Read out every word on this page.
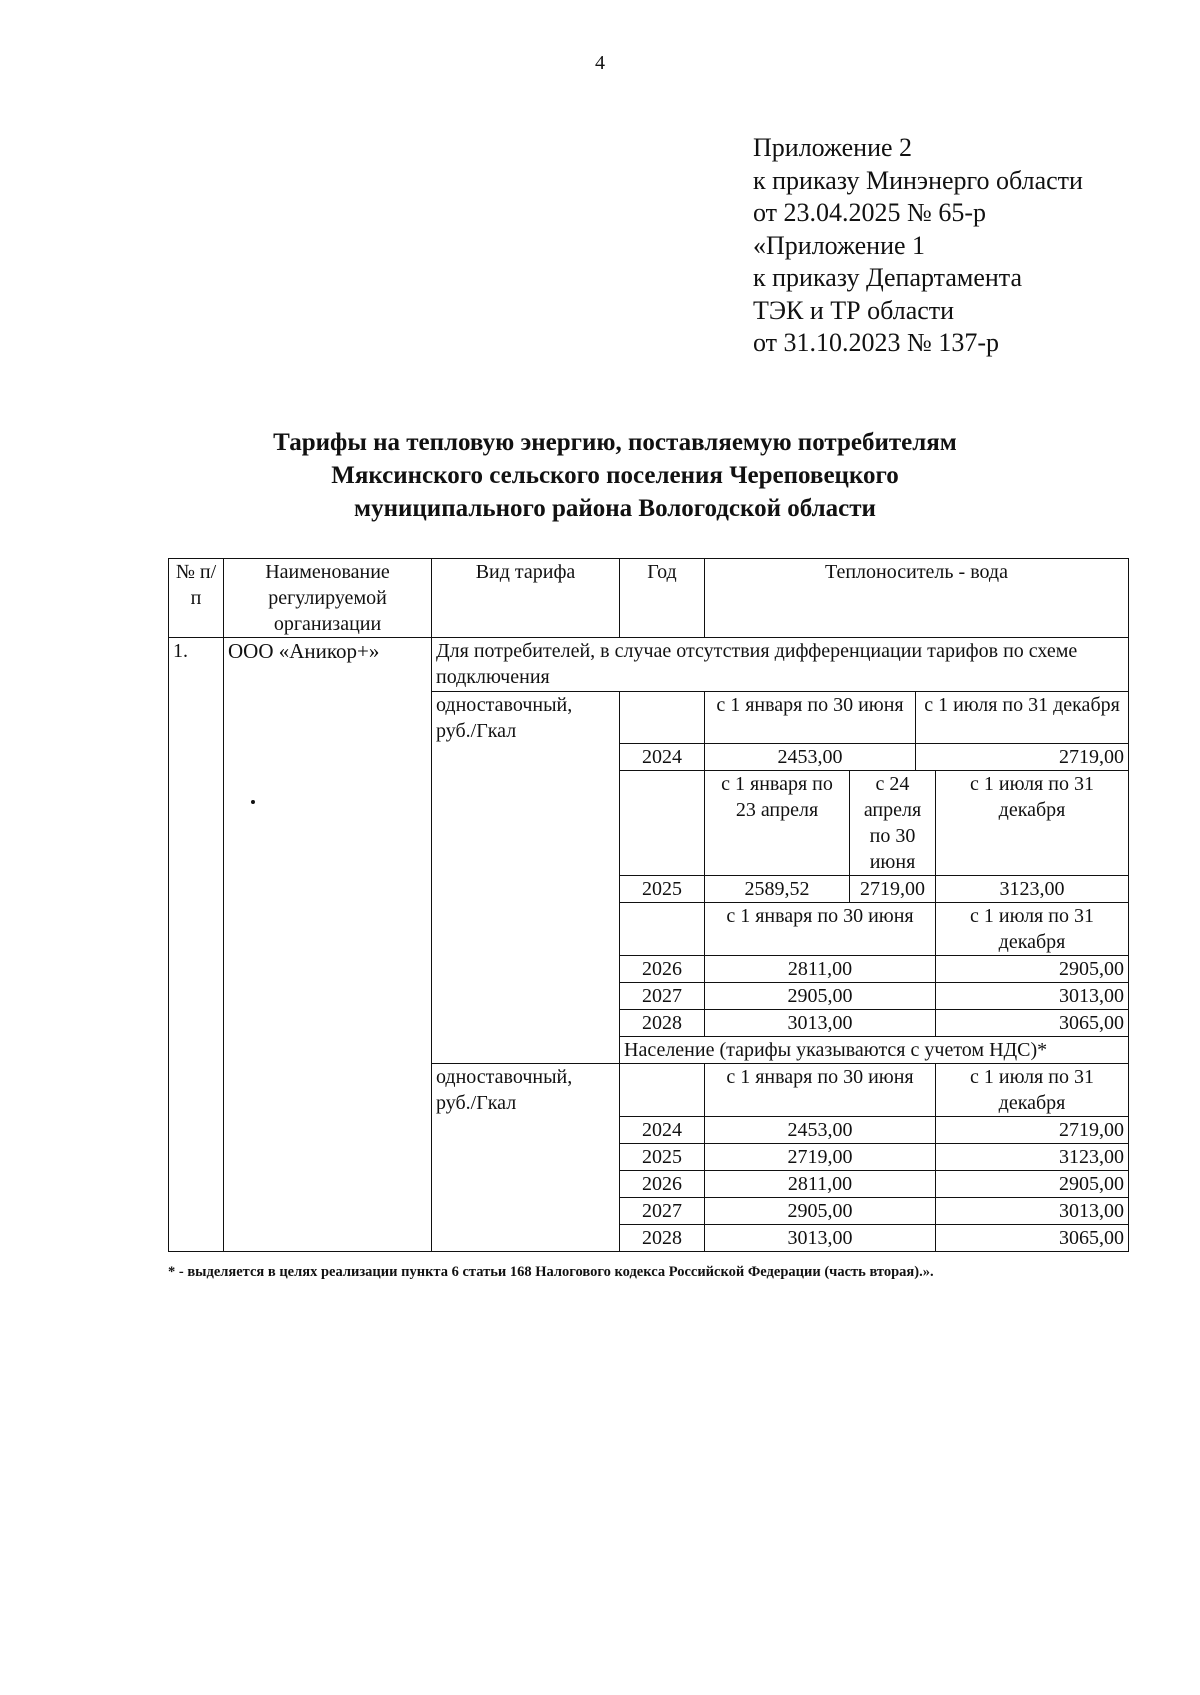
4
Приложение 2
к приказу Минэнерго области
от 23.04.2025 № 65-р
«Приложение 1
к приказу Департамента
ТЭК и ТР области
от 31.10.2023 № 137-р
Тарифы на тепловую энергию, поставляемую потребителям
Мяксинского сельского поселения Череповецкого
муниципального района Вологодской области
№ п/п	Наименование регулируемой организации	Вид тарифа	Год	Теплоноситель - вода			
1.	ООО «Аникор+»	Для потребителей, в случае отсутствия дифференциации тарифов по схеме подключения					
		одноставочный, руб./Гкал		с 1 января по 30 июня		с 1 июля по 31 декабря	
			2024	2453,00		2719,00	
				с 1 января по 23 апреля	с 24 апреля по 30 июня		с 1 июля по 31 декабря
			2025	2589,52	2719,00		3123,00
				с 1 января по 30 июня			с 1 июля по 31 декабря
			2026	2811,00			2905,00
			2027	2905,00			3013,00
			2028	3013,00			3065,00
			Население (тарифы указываются с учетом НДС)*				
		одноставочный, руб./Гкал		с 1 января по 30 июня			с 1 июля по 31 декабря
			2024	2453,00			2719,00
			2025	2719,00			3123,00
			2026	2811,00			2905,00
			2027	2905,00			3013,00
			2028	3013,00			3065,00
* - выделяется в целях реализации пункта 6 статьи 168 Налогового кодекса Российской Федерации (часть вторая).».
